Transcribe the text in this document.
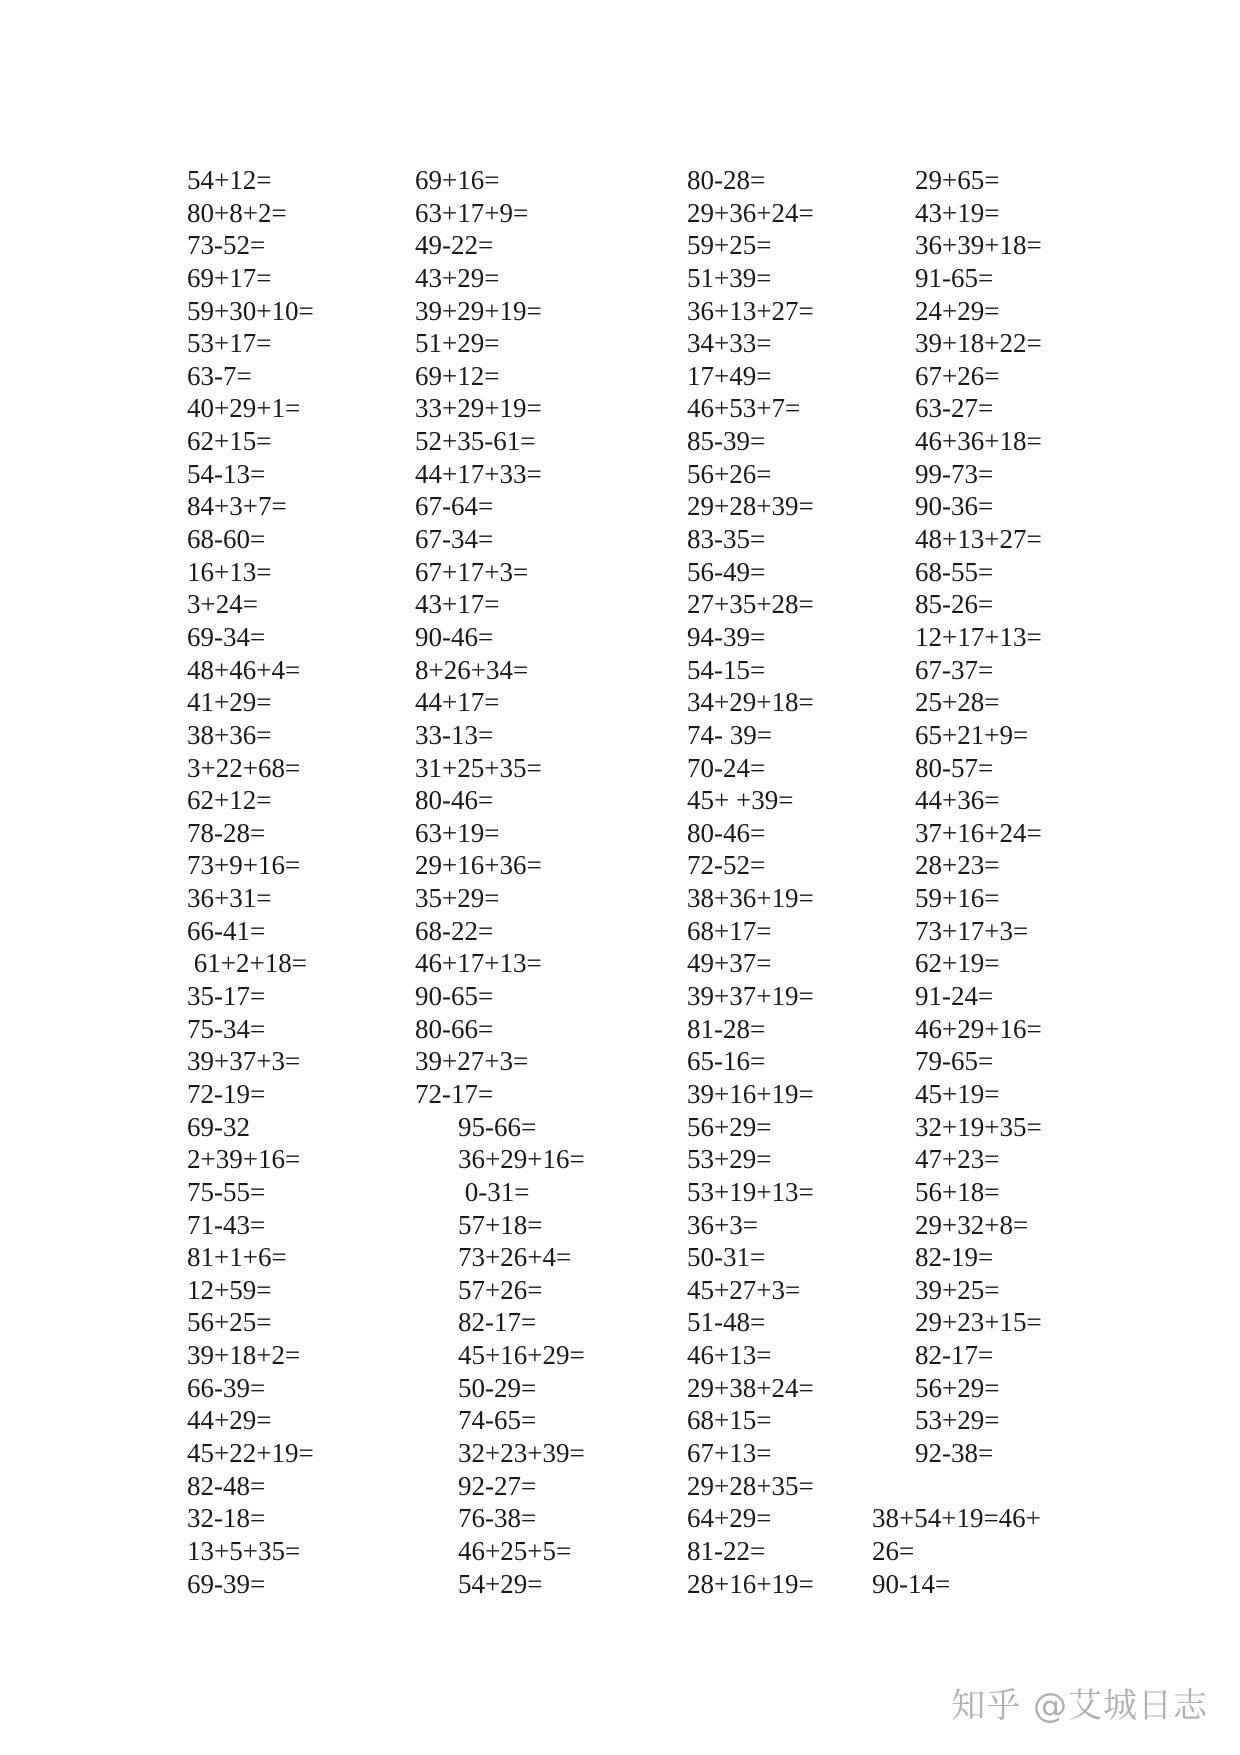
54+12=
80+8+2=
73-52=
69+17=
59+30+10=
53+17=
63-7=
40+29+1=
62+15=
54-13=
84+3+7=
68-60=
16+13=
3+24=
69-34=
48+46+4=
41+29=
38+36=
3+22+68=
62+12=
78-28=
73+9+16=
36+31=
66-41=
61+2+18=
35-17=
75-34=
39+37+3=
72-19=
69-32
2+39+16=
75-55=
71-43=
81+1+6=
12+59=
56+25=
39+18+2=
66-39=
44+29=
45+22+19=
82-48=
32-18=
13+5+35=
69-39=
69+16=
63+17+9=
49-22=
43+29=
39+29+19=
51+29=
69+12=
33+29+19=
52+35-61=
44+17+33=
67-64=
67-34=
67+17+3=
43+17=
90-46=
8+26+34=
44+17=
33-13=
31+25+35=
80-46=
63+19=
29+16+36=
35+29=
68-22=
46+17+13=
90-65=
80-66=
39+27+3=
72-17=
95-66=
36+29+16=
0-31=
57+18=
73+26+4=
57+26=
82-17=
45+16+29=
50-29=
74-65=
32+23+39=
92-27=
76-38=
46+25+5=
54+29=
80-28=
29+36+24=
59+25=
51+39=
36+13+27=
34+33=
17+49=
46+53+7=
85-39=
56+26=
29+28+39=
83-35=
56-49=
27+35+28=
94-39=
54-15=
34+29+18=
74- 39=
70-24=
45+ +39=
80-46=
72-52=
38+36+19=
68+17=
49+37=
39+37+19=
81-28=
65-16=
39+16+19=
56+29=
53+29=
53+19+13=
36+3=
50-31=
45+27+3=
51-48=
46+13=
29+38+24=
68+15=
67+13=
29+28+35=
64+29=
81-22=
28+16+19=
29+65=
43+19=
36+39+18=
91-65=
24+29=
39+18+22=
67+26=
63-27=
46+36+18=
99-73=
90-36=
48+13+27=
68-55=
85-26=
12+17+13=
67-37=
25+28=
65+21+9=
80-57=
44+36=
37+16+24=
28+23=
59+16=
73+17+3=
62+19=
91-24=
46+29+16=
79-65=
45+19=
32+19+35=
47+23=
56+18=
29+32+8=
82-19=
39+25=
29+23+15=
82-17=
56+29=
53+29=
92-38=
38+54+19=46+
26=
90-14=
知乎 @艾城日志
